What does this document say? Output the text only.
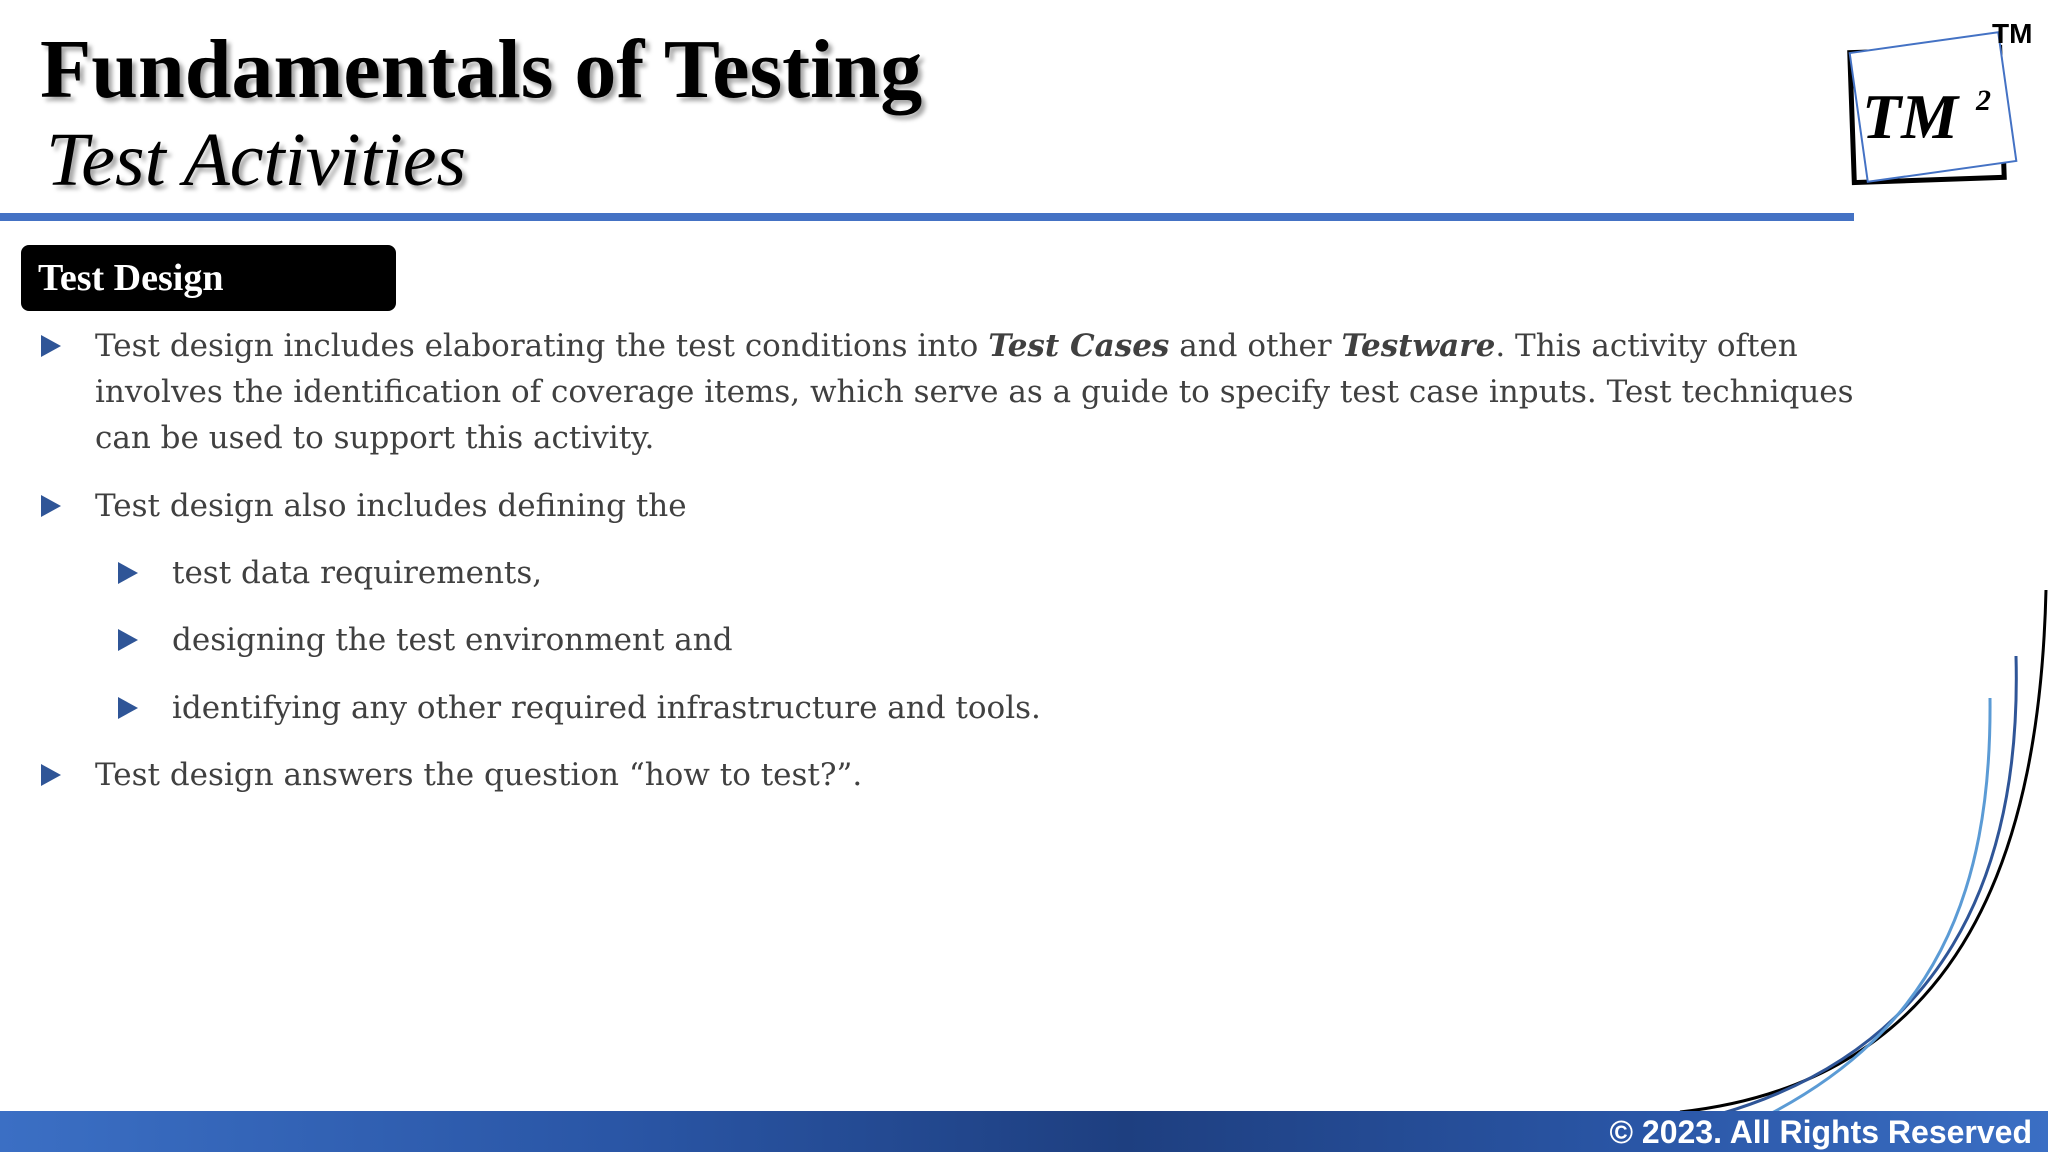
Fundamentals of Testing
Test Activities
TM 2
TM
Test Design
Test design includes elaborating the test conditions into Test Cases and other Testware. This activity often involves the identification of coverage items, which serve as a guide to specify test case inputs. Test techniques can be used to support this activity.
Test design also includes defining the
test data requirements,
designing the test environment and
identifying any other required infrastructure and tools.
Test design answers the question “how to test?”.
© 2023. All Rights Reserved
